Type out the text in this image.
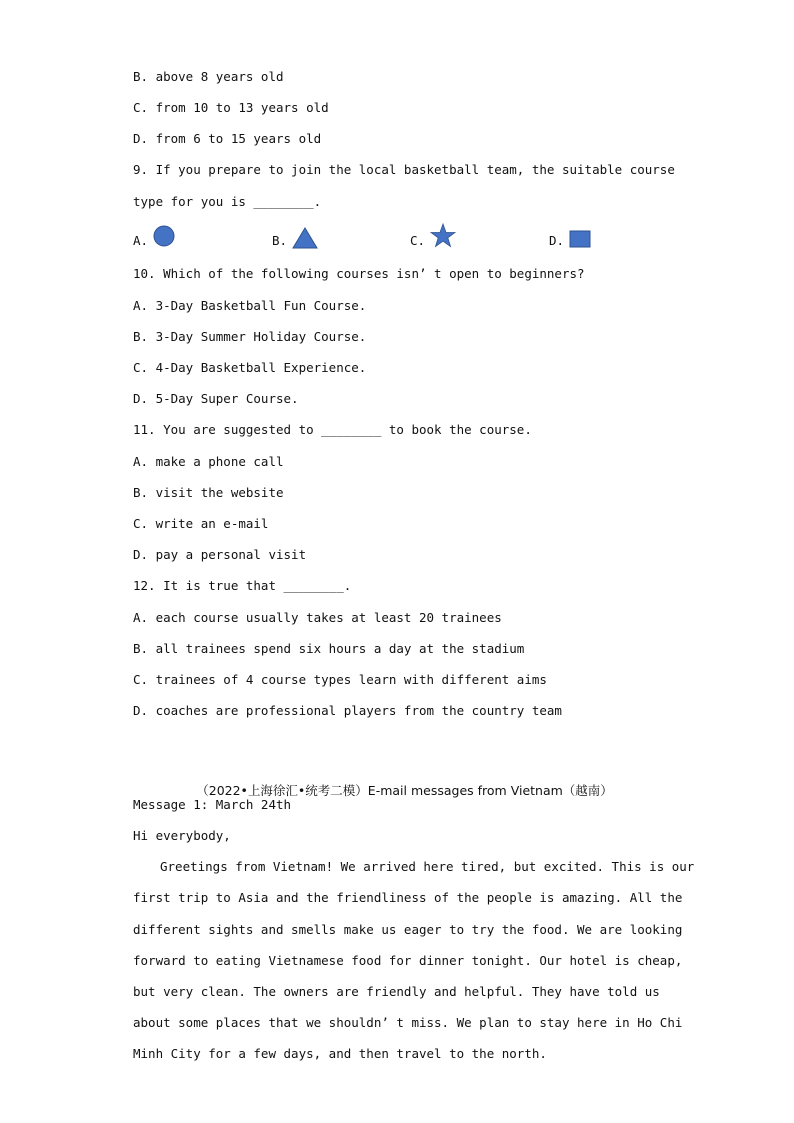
B. above 8 years old
C. from 10 to 13 years old
D. from 6 to 15 years old
9. If you prepare to join the local basketball team, the suitable course
type for you is ________.
A.	B.	C.	D.
10. Which of the following courses isn’ t open to beginners?
A. 3-Day Basketball Fun Course.
B. 3-Day Summer Holiday Course.
C. 4-Day Basketball Experience.
D. 5-Day Super Course.
11. You are suggested to ________ to book the course.
A. make a phone call
B. visit the website
C. write an e-mail
D. pay a personal visit
12. It is true that ________.
A. each course usually takes at least 20 trainees
B. all trainees spend six hours a day at the stadium
C. trainees of 4 course types learn with different aims
D. coaches are professional players from the country team

（2022•上海徐汇•统考二模）E-mail messages from Vietnam（越南）

Message 1: March 24th
Hi everybody,
Greetings from Vietnam! We arrived here tired, but excited. This is our
first trip to Asia and the friendliness of the people is amazing. All the
different sights and smells make us eager to try the food. We are looking
forward to eating Vietnamese food for dinner tonight. Our hotel is cheap,
but very clean. The owners are friendly and helpful. They have told us
about some places that we shouldn’ t miss. We plan to stay here in Ho Chi
Minh City for a few days, and then travel to the north.
